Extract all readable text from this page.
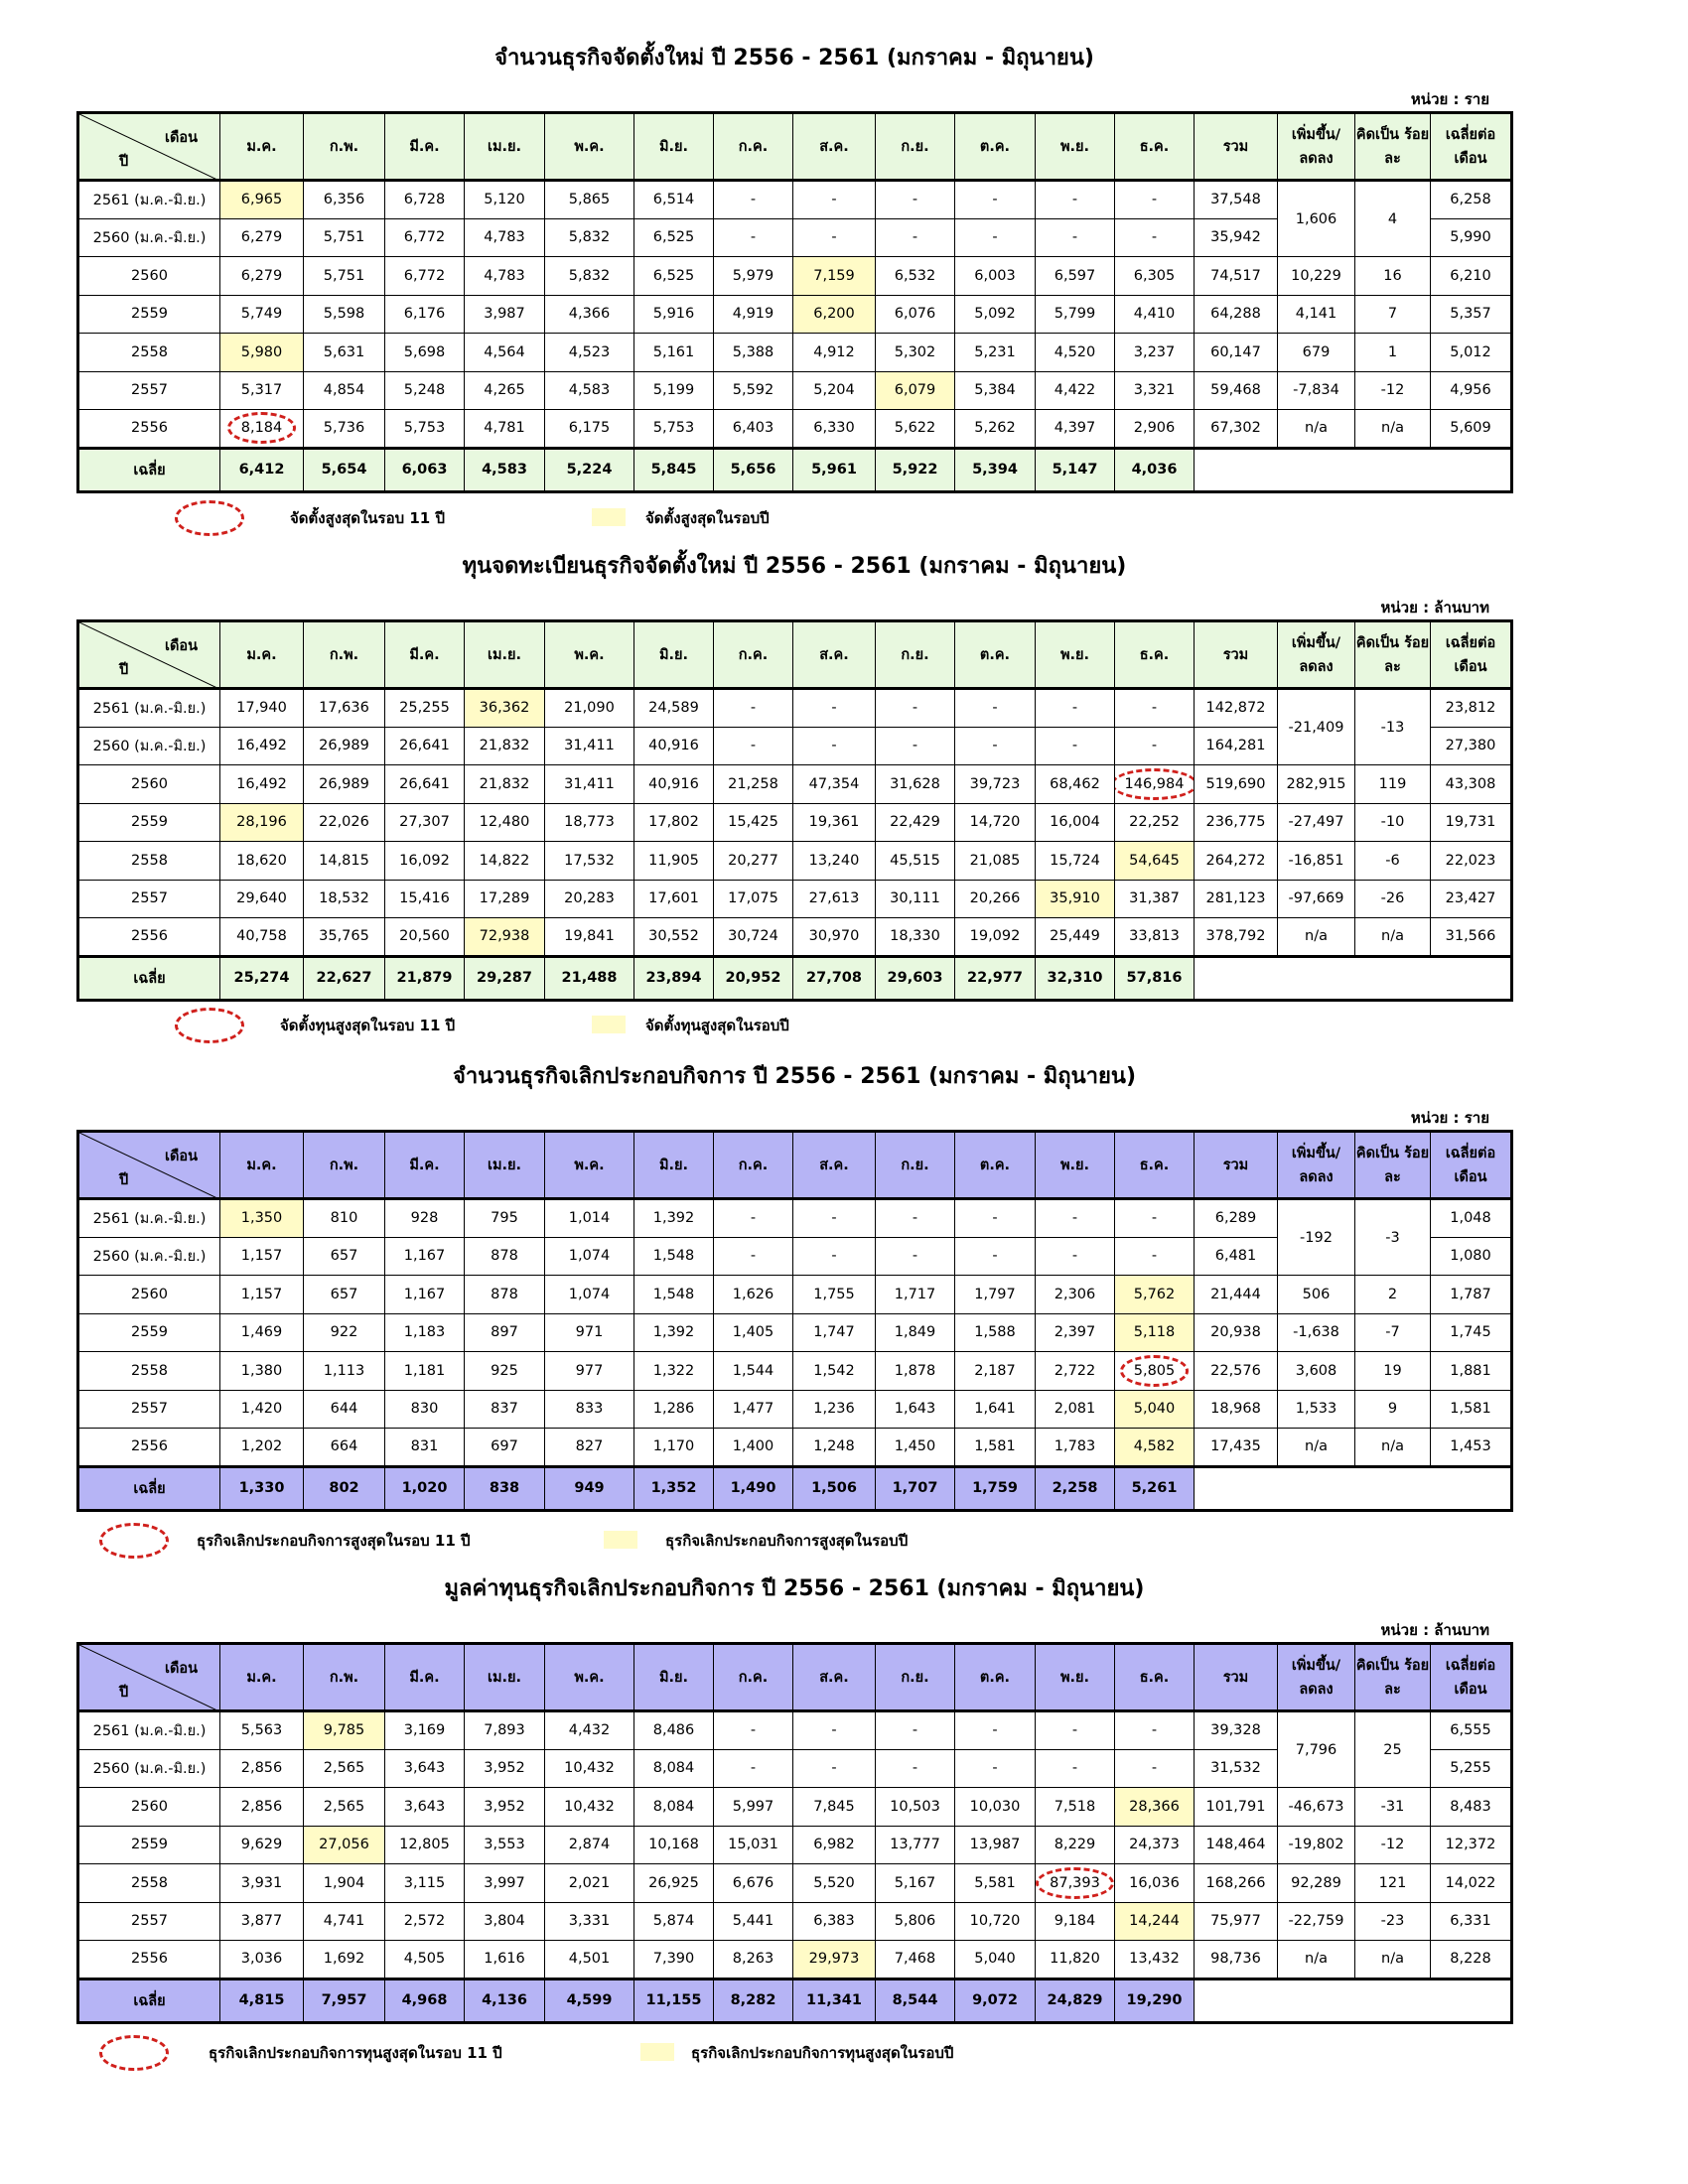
จำนวนธุรกิจจัดตั้งใหม่ ปี 2556 - 2561 (มกราคม - มิถุนายน)
หน่วย : ราย
เดือน
ปี	ม.ค.	ก.พ.	มี.ค.	เม.ย.	พ.ค.	มิ.ย.	ก.ค.	ส.ค.	ก.ย.	ต.ค.	พ.ย.	ธ.ค.	รวม	เพิ่มขึ้น/ ลดลง	คิดเป็น ร้อยละ	เฉลี่ยต่อ เดือน
2561 (ม.ค.-มิ.ย.)	6,965	6,356	6,728	5,120	5,865	6,514	-	-	-	-	-	-	37,548	1,606	4	6,258
2560 (ม.ค.-มิ.ย.)	6,279	5,751	6,772	4,783	5,832	6,525	-	-	-	-	-	-	35,942			5,990
2560	6,279	5,751	6,772	4,783	5,832	6,525	5,979	7,159	6,532	6,003	6,597	6,305	74,517	10,229	16	6,210
2559	5,749	5,598	6,176	3,987	4,366	5,916	4,919	6,200	6,076	5,092	5,799	4,410	64,288	4,141	7	5,357
2558	5,980	5,631	5,698	4,564	4,523	5,161	5,388	4,912	5,302	5,231	4,520	3,237	60,147	679	1	5,012
2557	5,317	4,854	5,248	4,265	4,583	5,199	5,592	5,204	6,079	5,384	4,422	3,321	59,468	-7,834	-12	4,956
2556	8,184	5,736	5,753	4,781	6,175	5,753	6,403	6,330	5,622	5,262	4,397	2,906	67,302	n/a	n/a	5,609
เฉลี่ย	6,412	5,654	6,063	4,583	5,224	5,845	5,656	5,961	5,922	5,394	5,147	4,036				
จัดตั้งสูงสุดในรอบ 11 ปี	จัดตั้งสูงสุดในรอบปี
ทุนจดทะเบียนธุรกิจจัดตั้งใหม่ ปี 2556 - 2561 (มกราคม - มิถุนายน)
หน่วย : ล้านบาท
เดือน
ปี	ม.ค.	ก.พ.	มี.ค.	เม.ย.	พ.ค.	มิ.ย.	ก.ค.	ส.ค.	ก.ย.	ต.ค.	พ.ย.	ธ.ค.	รวม	เพิ่มขึ้น/ ลดลง	คิดเป็น ร้อยละ	เฉลี่ยต่อ เดือน
2561 (ม.ค.-มิ.ย.)	17,940	17,636	25,255	36,362	21,090	24,589	-	-	-	-	-	-	142,872	-21,409	-13	23,812
2560 (ม.ค.-มิ.ย.)	16,492	26,989	26,641	21,832	31,411	40,916	-	-	-	-	-	-	164,281			27,380
2560	16,492	26,989	26,641	21,832	31,411	40,916	21,258	47,354	31,628	39,723	68,462	146,984	519,690	282,915	119	43,308
2559	28,196	22,026	27,307	12,480	18,773	17,802	15,425	19,361	22,429	14,720	16,004	22,252	236,775	-27,497	-10	19,731
2558	18,620	14,815	16,092	14,822	17,532	11,905	20,277	13,240	45,515	21,085	15,724	54,645	264,272	-16,851	-6	22,023
2557	29,640	18,532	15,416	17,289	20,283	17,601	17,075	27,613	30,111	20,266	35,910	31,387	281,123	-97,669	-26	23,427
2556	40,758	35,765	20,560	72,938	19,841	30,552	30,724	30,970	18,330	19,092	25,449	33,813	378,792	n/a	n/a	31,566
เฉลี่ย	25,274	22,627	21,879	29,287	21,488	23,894	20,952	27,708	29,603	22,977	32,310	57,816				
จัดตั้งทุนสูงสุดในรอบ 11 ปี	จัดตั้งทุนสูงสุดในรอบปี
จำนวนธุรกิจเลิกประกอบกิจการ ปี 2556 - 2561 (มกราคม - มิถุนายน)
หน่วย : ราย
เดือน
ปี	ม.ค.	ก.พ.	มี.ค.	เม.ย.	พ.ค.	มิ.ย.	ก.ค.	ส.ค.	ก.ย.	ต.ค.	พ.ย.	ธ.ค.	รวม	เพิ่มขึ้น/ ลดลง	คิดเป็น ร้อยละ	เฉลี่ยต่อ เดือน
2561 (ม.ค.-มิ.ย.)	1,350	810	928	795	1,014	1,392	-	-	-	-	-	-	6,289	-192	-3	1,048
2560 (ม.ค.-มิ.ย.)	1,157	657	1,167	878	1,074	1,548	-	-	-	-	-	-	6,481			1,080
2560	1,157	657	1,167	878	1,074	1,548	1,626	1,755	1,717	1,797	2,306	5,762	21,444	506	2	1,787
2559	1,469	922	1,183	897	971	1,392	1,405	1,747	1,849	1,588	2,397	5,118	20,938	-1,638	-7	1,745
2558	1,380	1,113	1,181	925	977	1,322	1,544	1,542	1,878	2,187	2,722	5,805	22,576	3,608	19	1,881
2557	1,420	644	830	837	833	1,286	1,477	1,236	1,643	1,641	2,081	5,040	18,968	1,533	9	1,581
2556	1,202	664	831	697	827	1,170	1,400	1,248	1,450	1,581	1,783	4,582	17,435	n/a	n/a	1,453
เฉลี่ย	1,330	802	1,020	838	949	1,352	1,490	1,506	1,707	1,759	2,258	5,261				
ธุรกิจเลิกประกอบกิจการสูงสุดในรอบ 11 ปี	ธุรกิจเลิกประกอบกิจการสูงสุดในรอบปี
มูลค่าทุนธุรกิจเลิกประกอบกิจการ ปี 2556 - 2561 (มกราคม - มิถุนายน)
หน่วย : ล้านบาท
เดือน
ปี	ม.ค.	ก.พ.	มี.ค.	เม.ย.	พ.ค.	มิ.ย.	ก.ค.	ส.ค.	ก.ย.	ต.ค.	พ.ย.	ธ.ค.	รวม	เพิ่มขึ้น/ ลดลง	คิดเป็น ร้อยละ	เฉลี่ยต่อ เดือน
2561 (ม.ค.-มิ.ย.)	5,563	9,785	3,169	7,893	4,432	8,486	-	-	-	-	-	-	39,328	7,796	25	6,555
2560 (ม.ค.-มิ.ย.)	2,856	2,565	3,643	3,952	10,432	8,084	-	-	-	-	-	-	31,532			5,255
2560	2,856	2,565	3,643	3,952	10,432	8,084	5,997	7,845	10,503	10,030	7,518	28,366	101,791	-46,673	-31	8,483
2559	9,629	27,056	12,805	3,553	2,874	10,168	15,031	6,982	13,777	13,987	8,229	24,373	148,464	-19,802	-12	12,372
2558	3,931	1,904	3,115	3,997	2,021	26,925	6,676	5,520	5,167	5,581	87,393	16,036	168,266	92,289	121	14,022
2557	3,877	4,741	2,572	3,804	3,331	5,874	5,441	6,383	5,806	10,720	9,184	14,244	75,977	-22,759	-23	6,331
2556	3,036	1,692	4,505	1,616	4,501	7,390	8,263	29,973	7,468	5,040	11,820	13,432	98,736	n/a	n/a	8,228
เฉลี่ย	4,815	7,957	4,968	4,136	4,599	11,155	8,282	11,341	8,544	9,072	24,829	19,290				
ธุรกิจเลิกประกอบกิจการทุนสูงสุดในรอบ 11 ปี	ธุรกิจเลิกประกอบกิจการทุนสูงสุดในรอบปี
